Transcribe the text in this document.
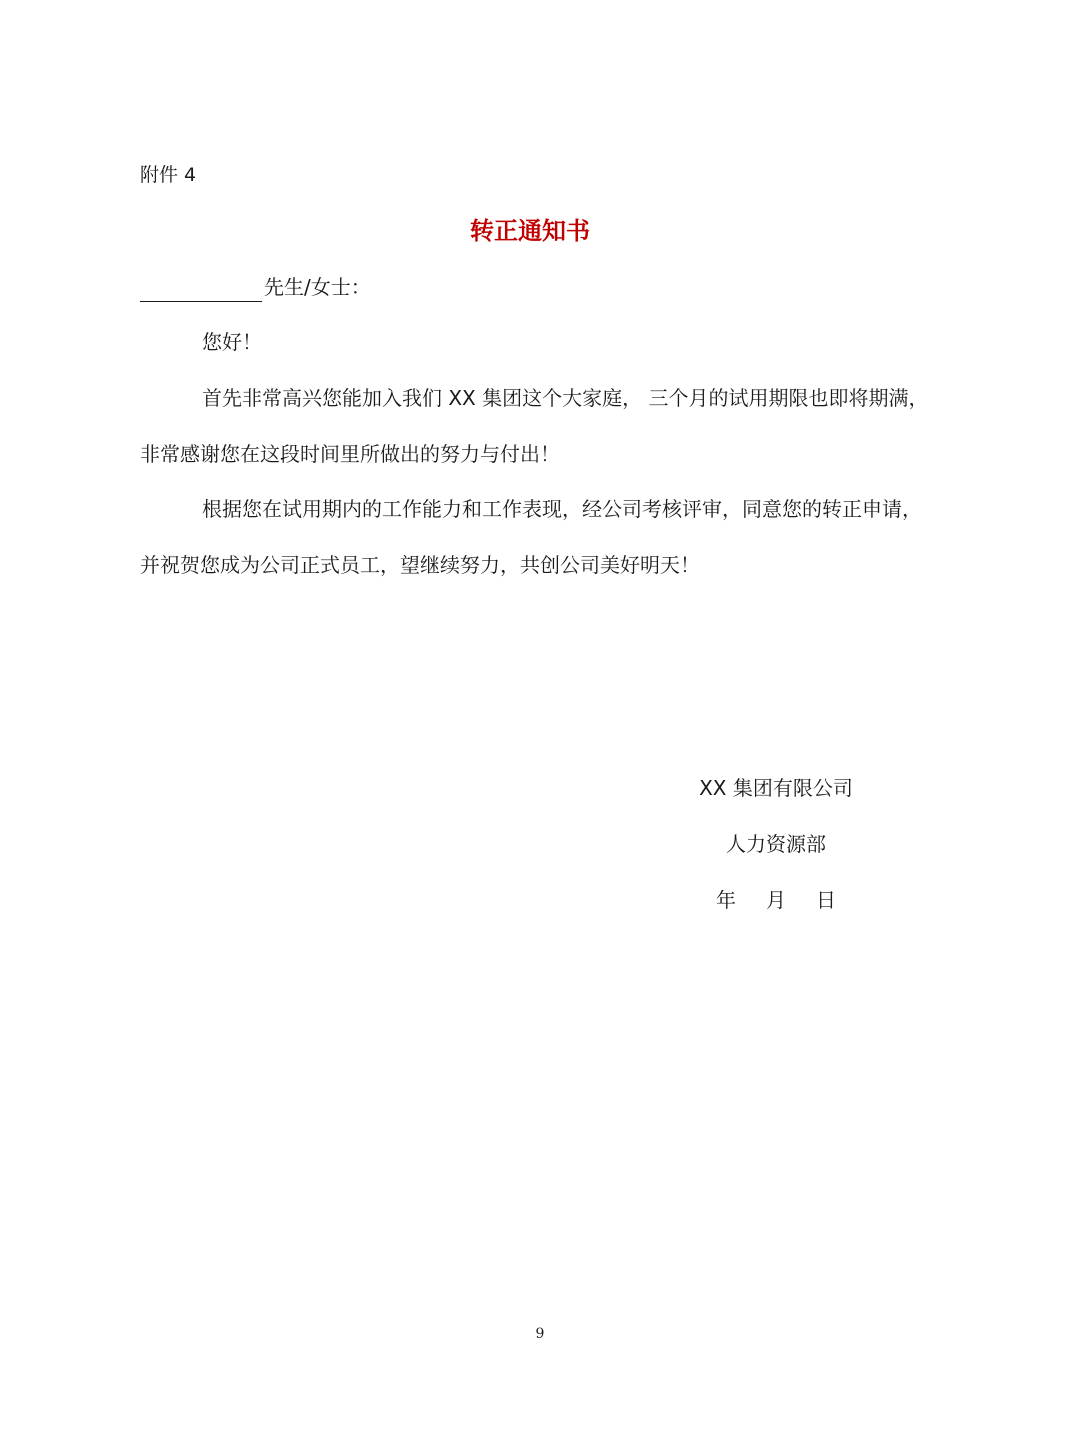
附件 4
转正通知书
先生/女士：
您好！
首先非常高兴您能加入我们 XX 集团这个大家庭， 三个月的试用期限也即将期满，
非常感谢您在这段时间里所做出的努力与付出！
根据您在试用期内的工作能力和工作表现，经公司考核评审，同意您的转正申请，
并祝贺您成为公司正式员工，望继续努力，共创公司美好明天！
XX 集团有限公司
人力资源部
年 月 日
9
